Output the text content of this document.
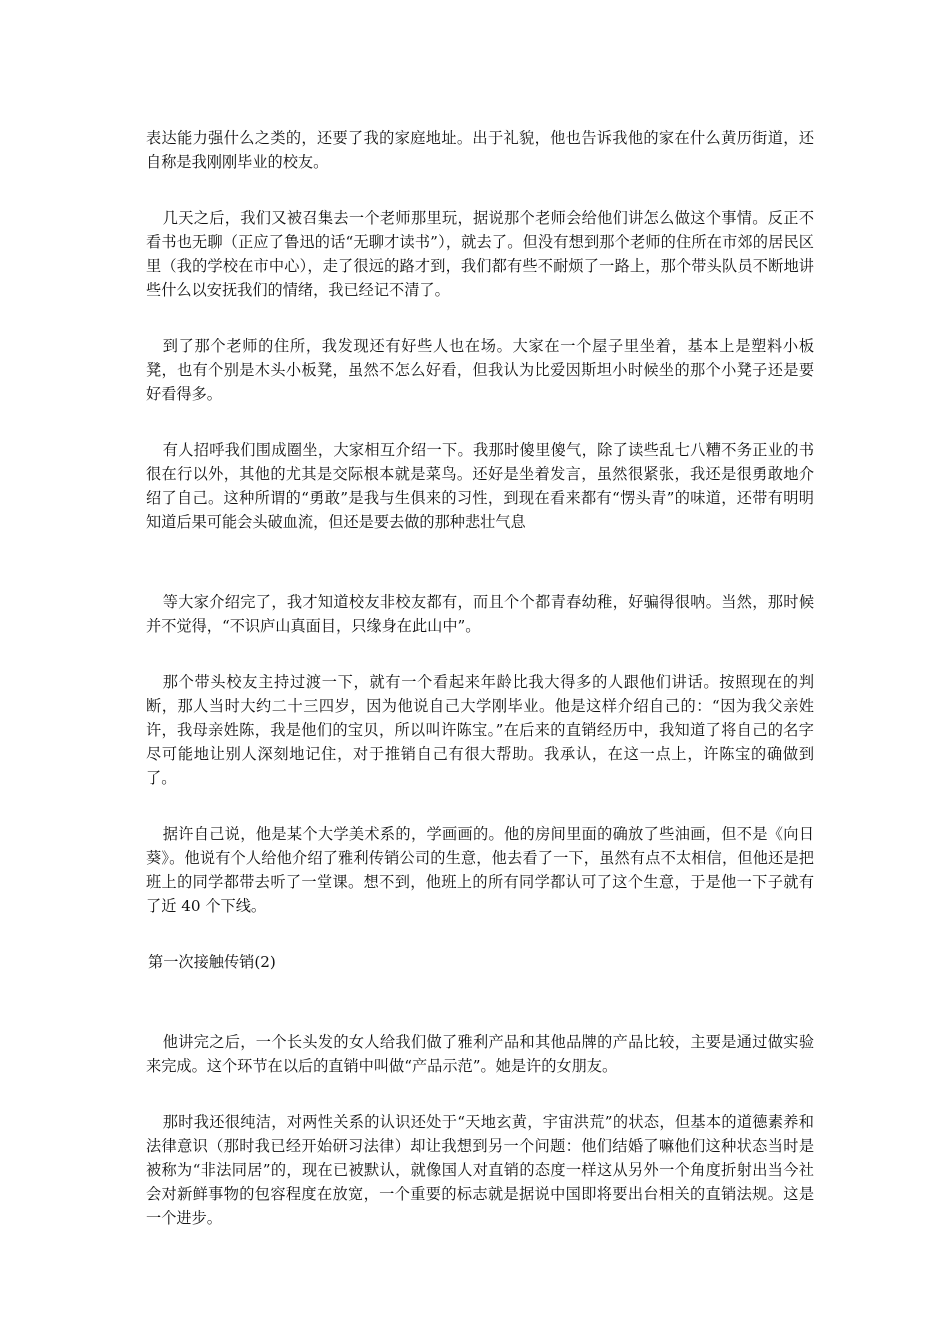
表达能力强什么之类的，还要了我的家庭地址。出于礼貌，他也告诉我他的家在什么黄历街道，还自称是我刚刚毕业的校友。

几天之后，我们又被召集去一个老师那里玩，据说那个老师会给他们讲怎么做这个事情。反正不看书也无聊（正应了鲁迅的话“无聊才读书”），就去了。但没有想到那个老师的住所在市郊的居民区里（我的学校在市中心），走了很远的路才到，我们都有些不耐烦了一路上，那个带头队员不断地讲些什么以安抚我们的情绪，我已经记不清了。

到了那个老师的住所，我发现还有好些人也在场。大家在一个屋子里坐着，基本上是塑料小板凳，也有个别是木头小板凳，虽然不怎么好看，但我认为比爱因斯坦小时候坐的那个小凳子还是要好看得多。

有人招呼我们围成圈坐，大家相互介绍一下。我那时傻里傻气，除了读些乱七八糟不务正业的书很在行以外，其他的尤其是交际根本就是菜鸟。还好是坐着发言，虽然很紧张，我还是很勇敢地介绍了自己。这种所谓的“勇敢”是我与生俱来的习性，到现在看来都有“愣头青”的味道，还带有明明知道后果可能会头破血流，但还是要去做的那种悲壮气息

等大家介绍完了，我才知道校友非校友都有，而且个个都青春幼稚，好骗得很呐。当然，那时候并不觉得，“不识庐山真面目，只缘身在此山中”。

那个带头校友主持过渡一下，就有一个看起来年龄比我大得多的人跟他们讲话。按照现在的判断，那人当时大约二十三四岁，因为他说自己大学刚毕业。他是这样介绍自己的：“因为我父亲姓许，我母亲姓陈，我是他们的宝贝，所以叫许陈宝。”在后来的直销经历中，我知道了将自己的名字尽可能地让别人深刻地记住，对于推销自己有很大帮助。我承认，在这一点上，许陈宝的确做到了。

据许自己说，他是某个大学美术系的，学画画的。他的房间里面的确放了些油画，但不是《向日葵》。他说有个人给他介绍了雅利传销公司的生意，他去看了一下，虽然有点不太相信，但他还是把班上的同学都带去听了一堂课。想不到，他班上的所有同学都认可了这个生意，于是他一下子就有了近 40 个下线。

第一次接触传销(2)

他讲完之后，一个长头发的女人给我们做了雅利产品和其他品牌的产品比较，主要是通过做实验来完成。这个环节在以后的直销中叫做“产品示范”。她是许的女朋友。

那时我还很纯洁，对两性关系的认识还处于“天地玄黄，宇宙洪荒”的状态，但基本的道德素养和法律意识（那时我已经开始研习法律）却让我想到另一个问题：他们结婚了嘛他们这种状态当时是被称为“非法同居”的，现在已被默认，就像国人对直销的态度一样这从另外一个角度折射出当今社会对新鲜事物的包容程度在放宽，一个重要的标志就是据说中国即将要出台相关的直销法规。这是一个进步。
